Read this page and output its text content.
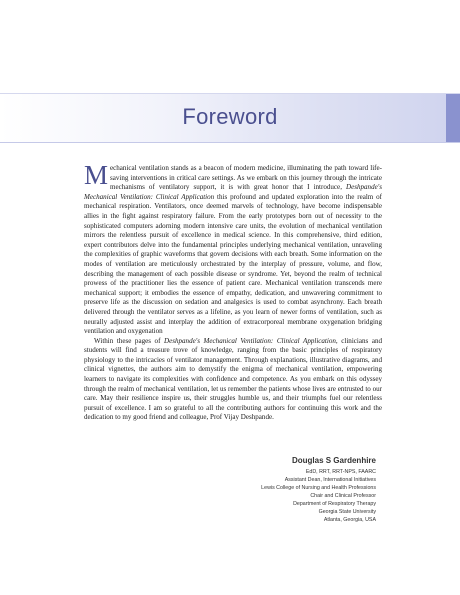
Foreword

Mechanical ventilation stands as a beacon of modern medicine, illuminating the path toward life-saving interventions in critical care settings. As we embark on this journey through the intricate mechanisms of ventilatory support, it is with great honor that I introduce, Deshpande's Mechanical Ventilation: Clinical Application this profound and updated exploration into the realm of mechanical respiration. Ventilators, once deemed marvels of technology, have become indispensable allies in the fight against respiratory failure. From the early prototypes born out of necessity to the sophisticated computers adorning modern intensive care units, the evolution of mechanical ventilation mirrors the relentless pursuit of excellence in medical science. In this comprehensive, third edition, expert contributors delve into the fundamental principles underlying mechanical ventilation, unraveling the complexities of graphic waveforms that govern decisions with each breath. Some information on the modes of ventilation are meticulously orchestrated by the interplay of pressure, volume, and flow, describing the management of each possible disease or syndrome. Yet, beyond the realm of technical prowess of the practitioner lies the essence of patient care. Mechanical ventilation transcends mere mechanical support; it embodies the essence of empathy, dedication, and unwavering commitment to preserve life as the discussion on sedation and analgesics is used to combat asynchrony. Each breath delivered through the ventilator serves as a lifeline, as you learn of newer forms of ventilation, such as neurally adjusted assist and interplay the addition of extracorporeal membrane oxygenation bridging ventilation and oxygenation

Within these pages of Deshpande's Mechanical Ventilation: Clinical Application, clinicians and students will find a treasure trove of knowledge, ranging from the basic principles of respiratory physiology to the intricacies of ventilator management. Through explanations, illustrative diagrams, and clinical vignettes, the authors aim to demystify the enigma of mechanical ventilation, empowering learners to navigate its complexities with confidence and competence. As you embark on this odyssey through the realm of mechanical ventilation, let us remember the patients whose lives are entrusted to our care. May their resilience inspire us, their struggles humble us, and their triumphs fuel our relentless pursuit of excellence. I am so grateful to all the contributing authors for continuing this work and the dedication to my good friend and colleague, Prof Vijay Deshpande.

Douglas S Gardenhire
EdD, RRT, RRT-NPS, FAARC
Assistant Dean, International Initiatives
Lewis College of Nursing and Health Professions
Chair and Clinical Professor
Department of Respiratory Therapy
Georgia State University
Atlanta, Georgia, USA
